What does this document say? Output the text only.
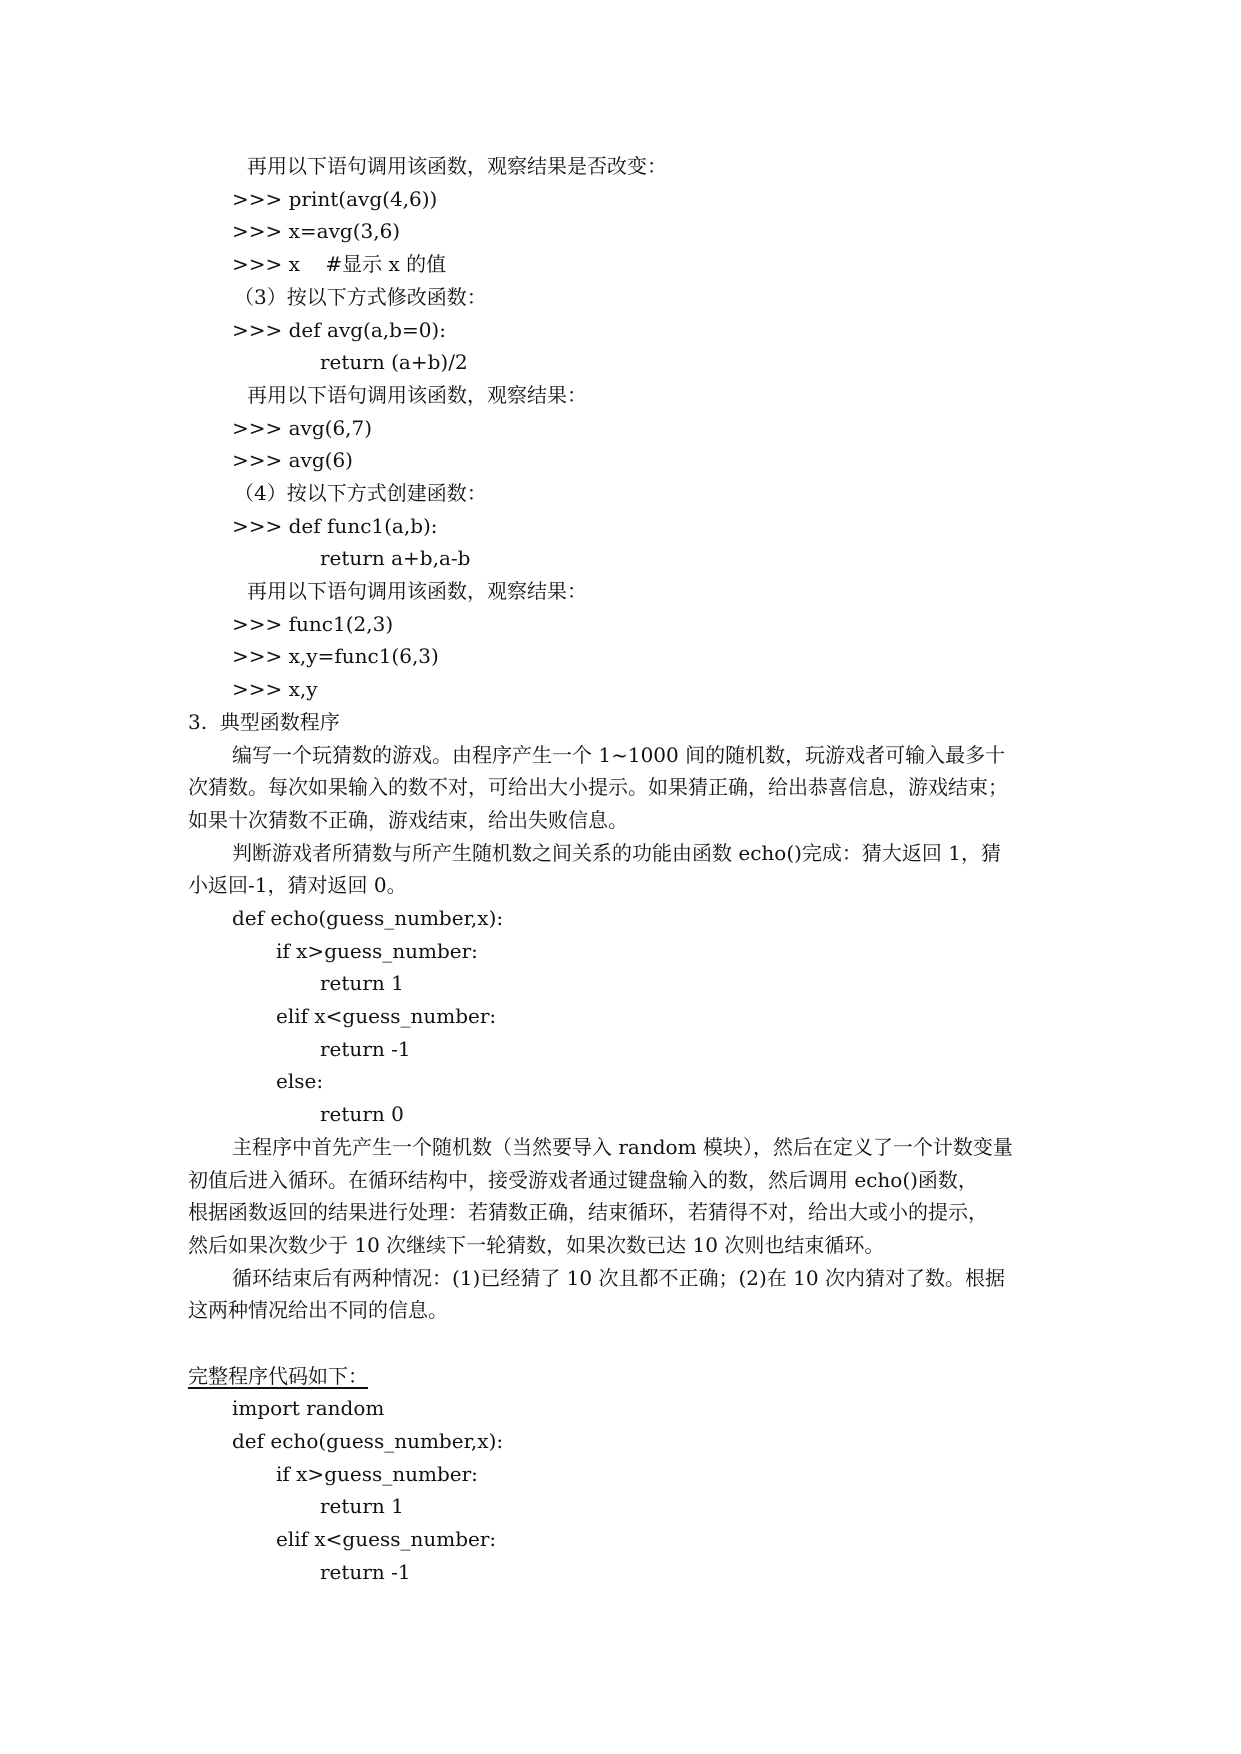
再用以下语句调用该函数，观察结果是否改变：
>>> print(avg(4,6))
>>> x=avg(3,6)
>>> x    #显示 x 的值
（3）按以下方式修改函数：
>>> def avg(a,b=0):
return (a+b)/2
再用以下语句调用该函数，观察结果：
>>> avg(6,7)
>>> avg(6)
（4）按以下方式创建函数：
>>> def func1(a,b):
return a+b,a-b
再用以下语句调用该函数，观察结果：
>>> func1(2,3)
>>> x,y=func1(6,3)
>>> x,y
3.  典型函数程序
编写一个玩猜数的游戏。由程序产生一个 1~1000 间的随机数，玩游戏者可输入最多十
次猜数。每次如果输入的数不对，可给出大小提示。如果猜正确，给出恭喜信息，游戏结束；
如果十次猜数不正确，游戏结束，给出失败信息。
判断游戏者所猜数与所产生随机数之间关系的功能由函数 echo()完成：猜大返回 1，猜
小返回-1，猜对返回 0。
def echo(guess_number,x):
if x>guess_number:
return 1
elif x<guess_number:
return -1
else:
return 0
主程序中首先产生一个随机数（当然要导入 random 模块），然后在定义了一个计数变量
初值后进入循环。在循环结构中，接受游戏者通过键盘输入的数，然后调用 echo()函数，
根据函数返回的结果进行处理：若猜数正确，结束循环，若猜得不对，给出大或小的提示，
然后如果次数少于 10 次继续下一轮猜数，如果次数已达 10 次则也结束循环。
循环结束后有两种情况：(1)已经猜了 10 次且都不正确；(2)在 10 次内猜对了数。根据
这两种情况给出不同的信息。
完整程序代码如下：
import random
def echo(guess_number,x):
if x>guess_number:
return 1
elif x<guess_number:
return -1
